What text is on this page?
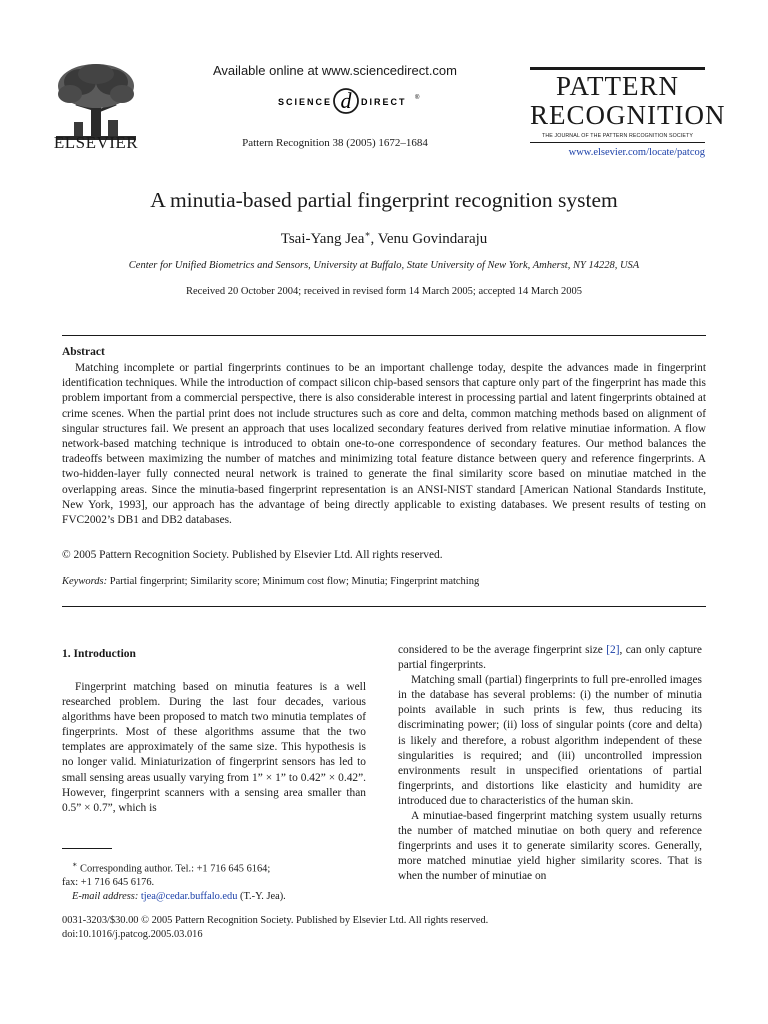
ELSEVIER
Available online at www.sciencedirect.com
SCIENCE d DIRECT ®
Pattern Recognition 38 (2005) 1672–1684
PATTERN
RECOGNITION
THE JOURNAL OF THE PATTERN RECOGNITION SOCIETY
www.elsevier.com/locate/patcog
A minutia-based partial fingerprint recognition system
Tsai-Yang Jea∗, Venu Govindaraju
Center for Unified Biometrics and Sensors, University at Buffalo, State University of New York, Amherst, NY 14228, USA
Received 20 October 2004; received in revised form 14 March 2005; accepted 14 March 2005
Abstract

Matching incomplete or partial fingerprints continues to be an important challenge today, despite the advances made in fingerprint identification techniques. While the introduction of compact silicon chip-based sensors that capture only part of the fingerprint has made this problem important from a commercial perspective, there is also considerable interest in processing partial and latent fingerprints obtained at crime scenes. When the partial print does not include structures such as core and delta, common matching methods based on alignment of singular structures fail. We present an approach that uses localized secondary features derived from relative minutiae information. A flow network-based matching technique is introduced to obtain one-to-one correspondence of secondary features. Our method balances the tradeoffs between maximizing the number of matches and minimizing total feature distance between query and reference fingerprints. A two-hidden-layer fully connected neural network is trained to generate the final similarity score based on minutiae matched in the overlapping areas. Since the minutia-based fingerprint representation is an ANSI-NIST standard [American National Standards Institute, New York, 1993], our approach has the advantage of being directly applicable to existing databases. We present results of testing on FVC2002’s DB1 and DB2 databases.

© 2005 Pattern Recognition Society. Published by Elsevier Ltd. All rights reserved.
Keywords: Partial fingerprint; Similarity score; Minimum cost flow; Minutia; Fingerprint matching
1. Introduction

Fingerprint matching based on minutia features is a well researched problem. During the last four decades, various algorithms have been proposed to match two minutia templates of fingerprints. Most of these algorithms assume that the two templates are approximately of the same size. This hypothesis is no longer valid. Miniaturization of fingerprint sensors has led to small sensing areas usually varying from 1” × 1” to 0.42” × 0.42”. However, fingerprint scanners with a sensing area smaller than 0.5” × 0.7”, which is

considered to be the average fingerprint size [2], can only capture partial fingerprints.

Matching small (partial) fingerprints to full pre-enrolled images in the database has several problems: (i) the number of minutia points available in such prints is few, thus reducing its discriminating power; (ii) loss of singular points (core and delta) is likely and therefore, a robust algorithm independent of these singularities is required; and (iii) uncontrolled impression environments result in unspecified orientations of partial fingerprints, and distortions like elasticity and humidity are introduced due to characteristics of the human skin.

A minutiae-based fingerprint matching system usually returns the number of matched minutiae on both query and reference fingerprints and uses it to generate similarity scores. Generally, more matched minutiae yield higher similarity scores. That is when the number of minutiae on

∗ Corresponding author. Tel.: +1 716 645 6164;
fax: +1 716 645 6176.
E-mail address: tjea@cedar.buffalo.edu (T.-Y. Jea).
0031-3203/$30.00 © 2005 Pattern Recognition Society. Published by Elsevier Ltd. All rights reserved.
doi:10.1016/j.patcog.2005.03.016
